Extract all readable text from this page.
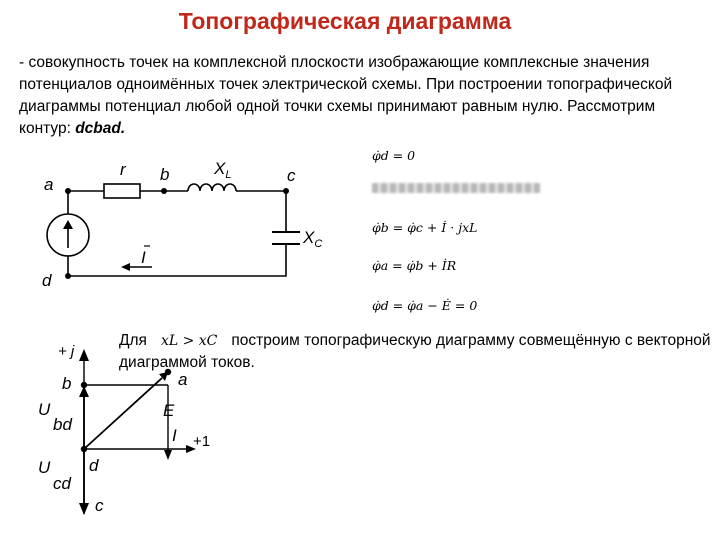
Топографическая диаграмма
- совокупность точек на комплексной плоскости изображающие комплексные значения потенциалов одноимённых точек электрической схемы. При построении топографической диаграммы потенциал любой одной точки схемы принимают равным нулю. Рассмотрим контур: dcbad.
a
b	c
d
r	$X_L$
$X_C$
I
+ j
+1
b	a
d
c
Ubd
Ucd
E
I
φ̇d = 0
φ̇b = φ̇c + İ · jxL
φ̇a = φ̇b + İR
φ̇d = φ̇a − Ė = 0
Для xL > xC построим топографическую диаграмму совмещённую с векторной диаграммой токов.
